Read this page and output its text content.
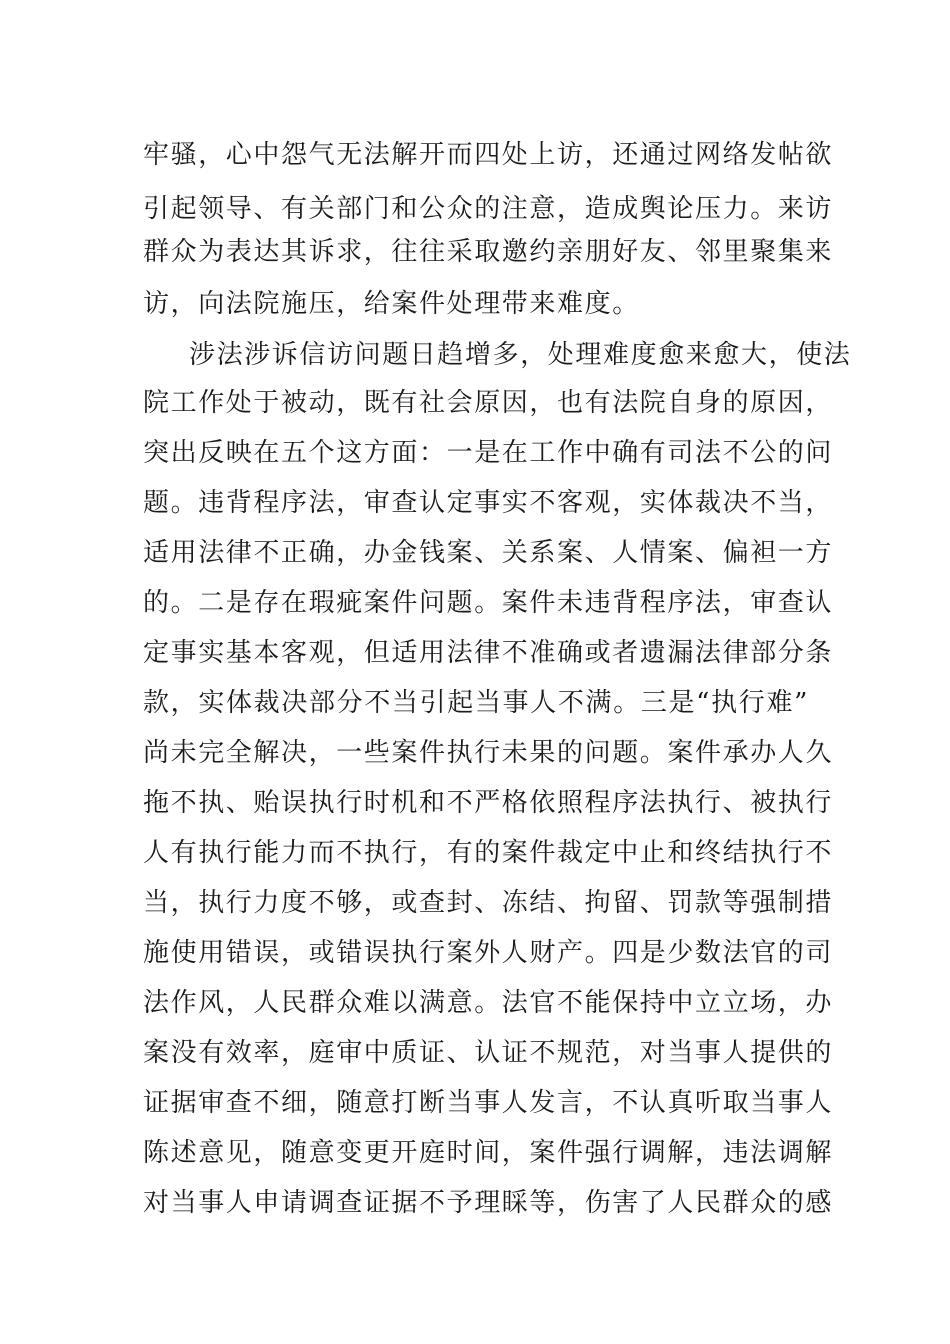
牢骚，心中怨气无法解开而四处上访，还通过网络发帖欲
引起领导、有关部门和公众的注意，造成舆论压力。来访
群众为表达其诉求，往往采取邀约亲朋好友、邻里聚集来
访，向法院施压，给案件处理带来难度。
涉法涉诉信访问题日趋增多，处理难度愈来愈大，使法
院工作处于被动，既有社会原因，也有法院自身的原因，
突出反映在五个这方面：一是在工作中确有司法不公的问
题。违背程序法，审查认定事实不客观，实体裁决不当，
适用法律不正确，办金钱案、关系案、人情案、偏袒一方
的。二是存在瑕疵案件问题。案件未违背程序法，审查认
定事实基本客观，但适用法律不准确或者遗漏法律部分条
款，实体裁决部分不当引起当事人不满。三是“执行难”
尚未完全解决，一些案件执行未果的问题。案件承办人久
拖不执、贻误执行时机和不严格依照程序法执行、被执行
人有执行能力而不执行，有的案件裁定中止和终结执行不
当，执行力度不够，或查封、冻结、拘留、罚款等强制措
施使用错误，或错误执行案外人财产。四是少数法官的司
法作风，人民群众难以满意。法官不能保持中立立场，办
案没有效率，庭审中质证、认证不规范，对当事人提供的
证据审查不细，随意打断当事人发言，不认真听取当事人
陈述意见，随意变更开庭时间，案件强行调解，违法调解
对当事人申请调查证据不予理睬等，伤害了人民群众的感
